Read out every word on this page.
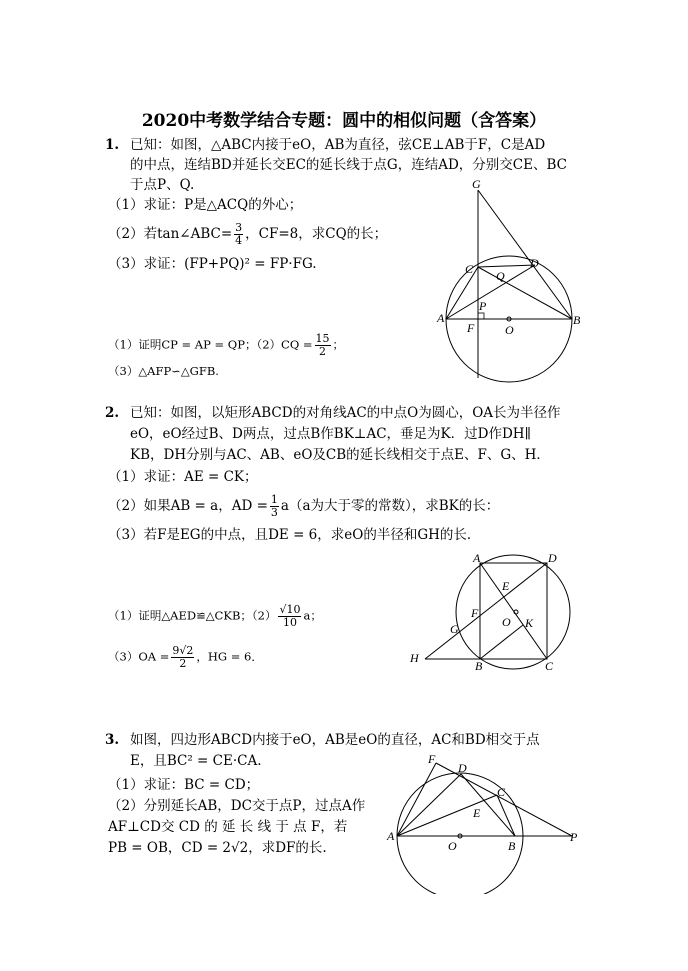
2020中考数学结合专题：圆中的相似问题（含答案）
1. 已知：如图，△ABC内接于eO，AB为直径，弦CE⊥AB于F，C是AD
的中点，连结BD并延长交EC的延长线于点G，连结AD，分别交CE、BC
于点P、Q.
（1）求证：P是△ACQ的外心；
（2）若tan∠ABC= $\frac{3}{4}$ ，CF=8，求CQ的长；
（3）求证：(FP+PQ)² = FP·FG.
（1）证明CP = AP = QP；$(2)CQ = \frac{15}{2}$ ；
（3）△AFP∽△GFB.
G
C	D
Q
P
A
F	O
B
2. 已知：如图，以矩形ABCD的对角线AC的中点O为圆心，OA长为半径作
eO，eO经过B、D两点，过点B作BK⊥AC，垂足为K．过D作DH∥
KB，DH分别与AC、AB、eO及CB的延长线相交于点E、F、G、H．
（1）求证：AE = CK；
（2）如果AB = a，AD = $\frac{1}{3} a(a$为大于零的常数），求BK的长：
（3）若F是EG的中点，且DE = 6，求eO的半径和GH的长．
（1）证明△AED≌△CKB；$(2) \frac{√10}{10}$ a；
$(3)OA = \frac{9√2}{2}$ ，HG = 6．
A	D
E
F
O K
G
H
B	C
3. 如图，四边形ABCD内接于eO，AB是eO的直径，AC和BD相交于点
E，且BC² = CE·CA.
（1）求证：BC = CD；
（2）分别延长AB，DC交于点P，过点A作
AF⊥CD交 CD 的 延 长 线 于 点 F，若
PB = OB，CD = 2√2，求DF的长.
F
D
C
E
A
O	B
P
